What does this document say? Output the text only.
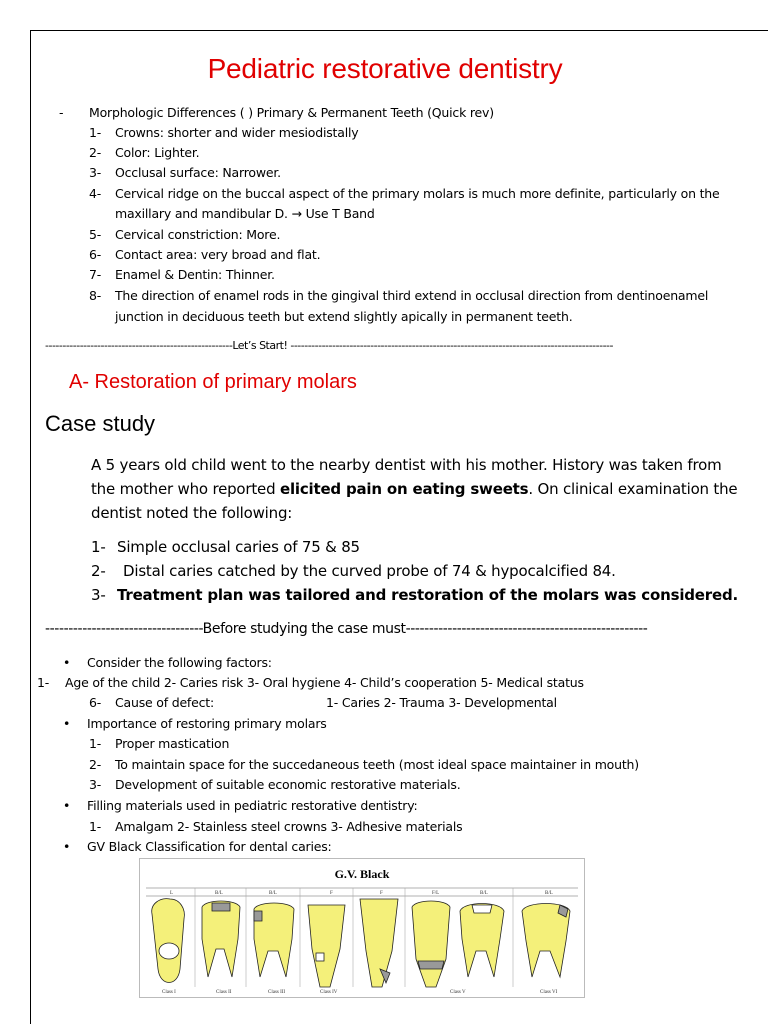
Pediatric restorative dentistry
- Morphologic Differences ( ) Primary & Permanent Teeth (Quick rev)
1- Crowns: shorter and wider mesiodistally
2- Color: Lighter.
3- Occlusal surface: Narrower.
4- Cervical ridge on the buccal aspect of the primary molars is much more definite, particularly on the
maxillary and mandibular D. → Use T Band
5- Cervical constriction: More.
6- Contact area: very broad and flat.
7- Enamel & Dentin: Thinner.
8- The direction of enamel rods in the gingival third extend in occlusal direction from dentinoenamel
junction in deciduous teeth but extend slightly apically in permanent teeth.
------------------------------------------------------Let’s Start! ---------------------------------------------------------------------------------------------
A- Restoration of primary molars
Case study
A 5 years old child went to the nearby dentist with his mother. History was taken from
the mother who reported elicited pain on eating sweets. On clinical examination the
dentist noted the following:
1- Simple occlusal caries of 75 & 85
2- Distal caries catched by the curved probe of 74 & hypocalcified 84.
3- Treatment plan was tailored and restoration of the molars was considered.
----------------------------------Before studying the case must----------------------------------------------------
• Consider the following factors:
1- Age of the child 2- Caries risk 3- Oral hygiene 4- Child’s cooperation 5- Medical status
6- Cause of defect:	1- Caries 2- Trauma 3- Developmental
• Importance of restoring primary molars
1- Proper mastication
2- To maintain space for the succedaneous teeth (most ideal space maintainer in mouth)
3- Development of suitable economic restorative materials.
• Filling materials used in pediatric restorative dentistry:
1- Amalgam 2- Stainless steel crowns 3- Adhesive materials
• GV Black Classification for dental caries:
G.V. Black
L	B/L	B/L	F	F	F/L	B/L	B/L
Class I	Class II	Class III	Class IV	Class V	Class VI
